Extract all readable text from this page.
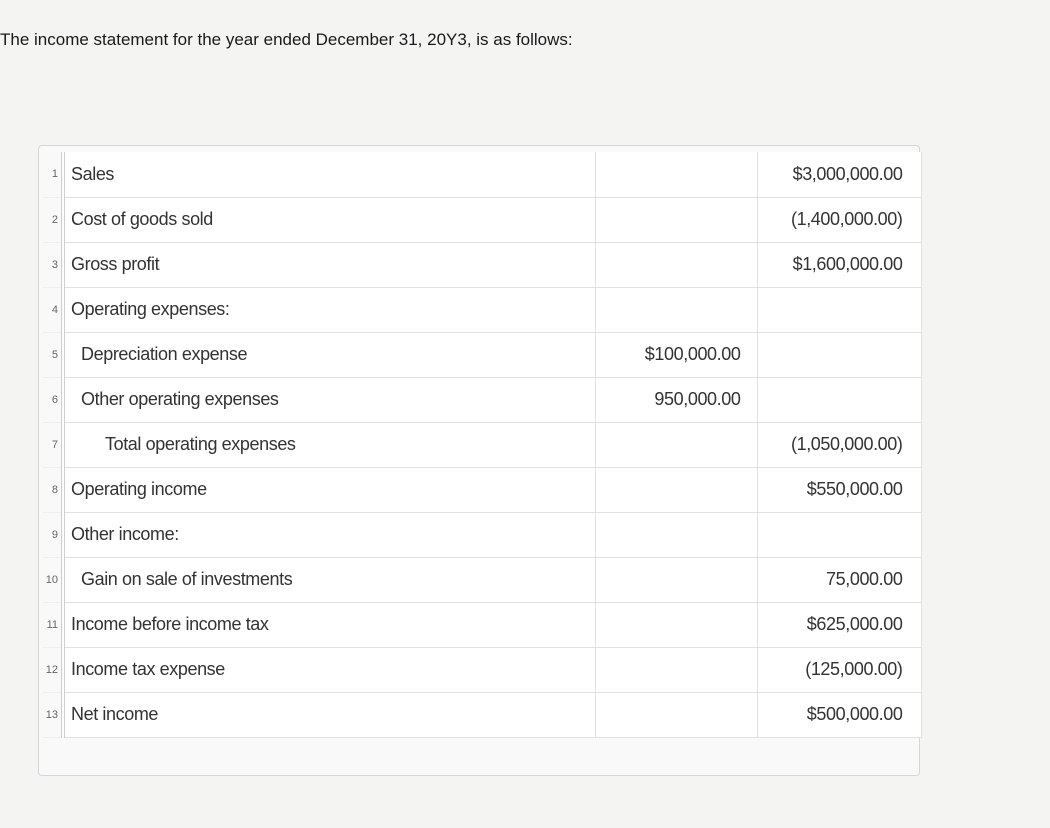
The income statement for the year ended December 31, 20Y3, is as follows:

1	Sales		$3,000,000.00
2	Cost of goods sold		(1,400,000.00)
3	Gross profit		$1,600,000.00
4	Operating expenses:		
5	Depreciation expense	$100,000.00	
6	Other operating expenses	950,000.00	
7	Total operating expenses		(1,050,000.00)
8	Operating income		$550,000.00
9	Other income:		
10	Gain on sale of investments		75,000.00
11	Income before income tax		$625,000.00
12	Income tax expense		(125,000.00)
13	Net income		$500,000.00
